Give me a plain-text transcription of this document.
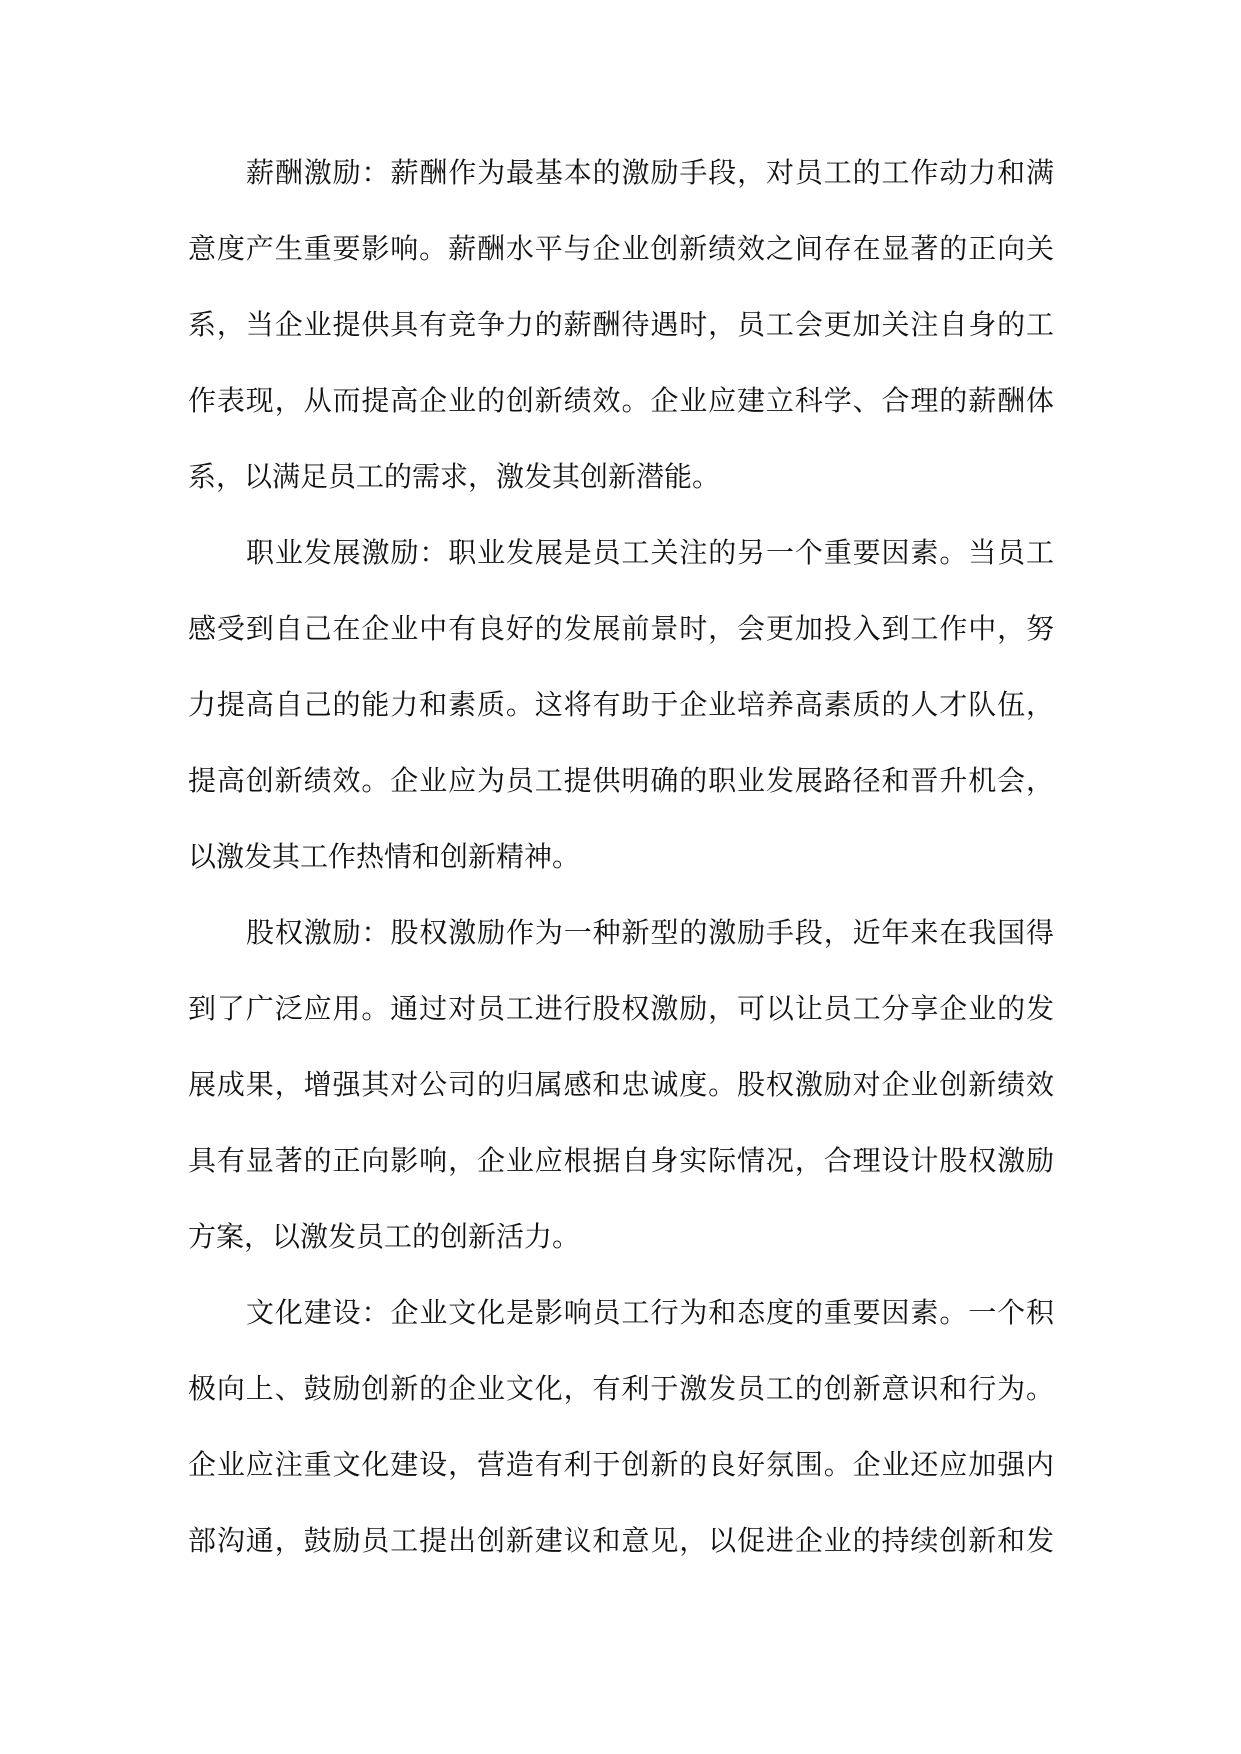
薪酬激励：薪酬作为最基本的激励手段，对员工的工作动力和满
意度产生重要影响。薪酬水平与企业创新绩效之间存在显著的正向关
系，当企业提供具有竞争力的薪酬待遇时，员工会更加关注自身的工
作表现，从而提高企业的创新绩效。企业应建立科学、合理的薪酬体
系，以满足员工的需求，激发其创新潜能。
职业发展激励：职业发展是员工关注的另一个重要因素。当员工
感受到自己在企业中有良好的发展前景时，会更加投入到工作中，努
力提高自己的能力和素质。这将有助于企业培养高素质的人才队伍，
提高创新绩效。企业应为员工提供明确的职业发展路径和晋升机会，
以激发其工作热情和创新精神。
股权激励：股权激励作为一种新型的激励手段，近年来在我国得
到了广泛应用。通过对员工进行股权激励，可以让员工分享企业的发
展成果，增强其对公司的归属感和忠诚度。股权激励对企业创新绩效
具有显著的正向影响，企业应根据自身实际情况，合理设计股权激励
方案，以激发员工的创新活力。
文化建设：企业文化是影响员工行为和态度的重要因素。一个积
极向上、鼓励创新的企业文化，有利于激发员工的创新意识和行为。
企业应注重文化建设，营造有利于创新的良好氛围。企业还应加强内
部沟通，鼓励员工提出创新建议和意见，以促进企业的持续创新和发
